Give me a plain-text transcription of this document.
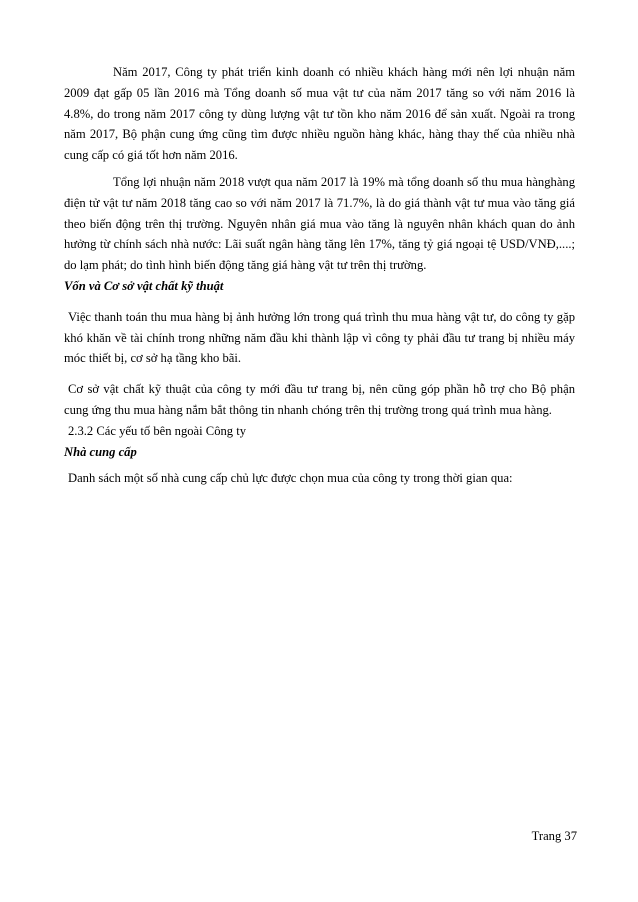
Năm 2017, Công ty phát triển kinh doanh có nhiều khách hàng mới nên lợi nhuận năm 2009 đạt gấp 05 lần 2016 mà Tổng doanh số mua vật tư của năm 2017 tăng so với năm 2016 là 4.8%, do trong năm 2017 công ty dùng lượng vật tư tồn kho năm 2016 để sản xuất. Ngoài ra trong năm 2017, Bộ phận cung ứng cũng tìm được nhiều nguồn hàng khác, hàng thay thế của nhiều nhà cung cấp có giá tốt hơn năm 2016.

Tổng lợi nhuận năm 2018 vượt qua năm 2017 là 19% mà tổng doanh số thu mua hànghàng điện tử vật tư năm 2018 tăng cao so với năm 2017 là 71.7%, là do giá thành vật tư mua vào tăng giá theo biến động trên thị trường. Nguyên nhân giá mua vào tăng là nguyên nhân khách quan do ảnh hưởng từ chính sách nhà nước: Lãi suất ngân hàng tăng lên 17%, tăng tỷ giá ngoại tệ USD/VNĐ,....; do lạm phát; do tình hình biến động tăng giá hàng vật tư trên thị trường.

Vốn và Cơ sở vật chất kỹ thuật

Việc thanh toán thu mua hàng bị ảnh hưởng lớn trong quá trình thu mua hàng vật tư, do công ty gặp khó khăn về tài chính trong những năm đầu khi thành lập vì công ty phải đầu tư trang bị nhiều máy móc thiết bị, cơ sở hạ tầng kho bãi.

Cơ sở vật chất kỹ thuật của công ty mới đầu tư trang bị, nên cũng góp phần hỗ trợ cho Bộ phận cung ứng thu mua hàng nắm bắt thông tin nhanh chóng trên thị trường trong quá trình mua hàng.

2.3.2 Các yếu tố bên ngoài Công ty

Nhà cung cấp

Danh sách một số nhà cung cấp chủ lực được chọn mua của công ty trong thời gian qua:

Trang 37
